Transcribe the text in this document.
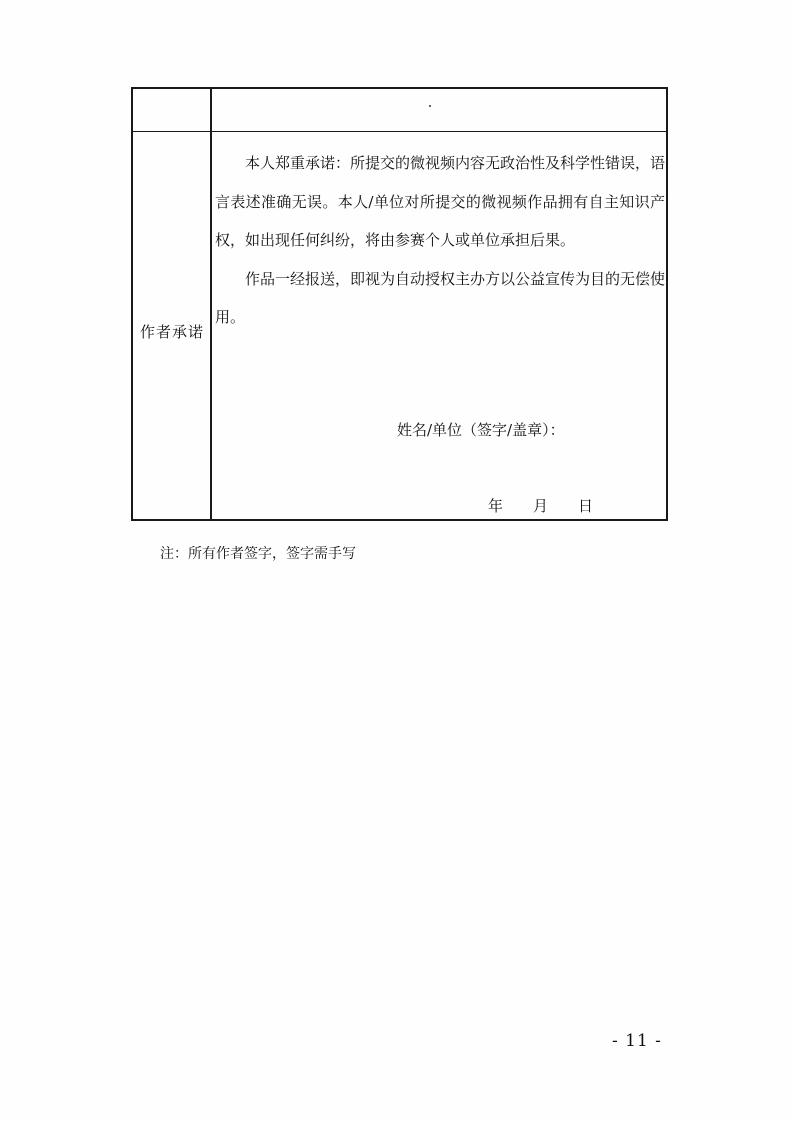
作者承诺

本人郑重承诺：所提交的微视频内容无政治性及科学性错误，语言表述准确无误。本人/单位对所提交的微视频作品拥有自主知识产权，如出现任何纠纷，将由参赛个人或单位承担后果。

作品一经报送，即视为自动授权主办方以公益宣传为目的无偿使用。

姓名/单位（签字/盖章）：
年 月 日
注：所有作者签字，签字需手写
- 11 -
